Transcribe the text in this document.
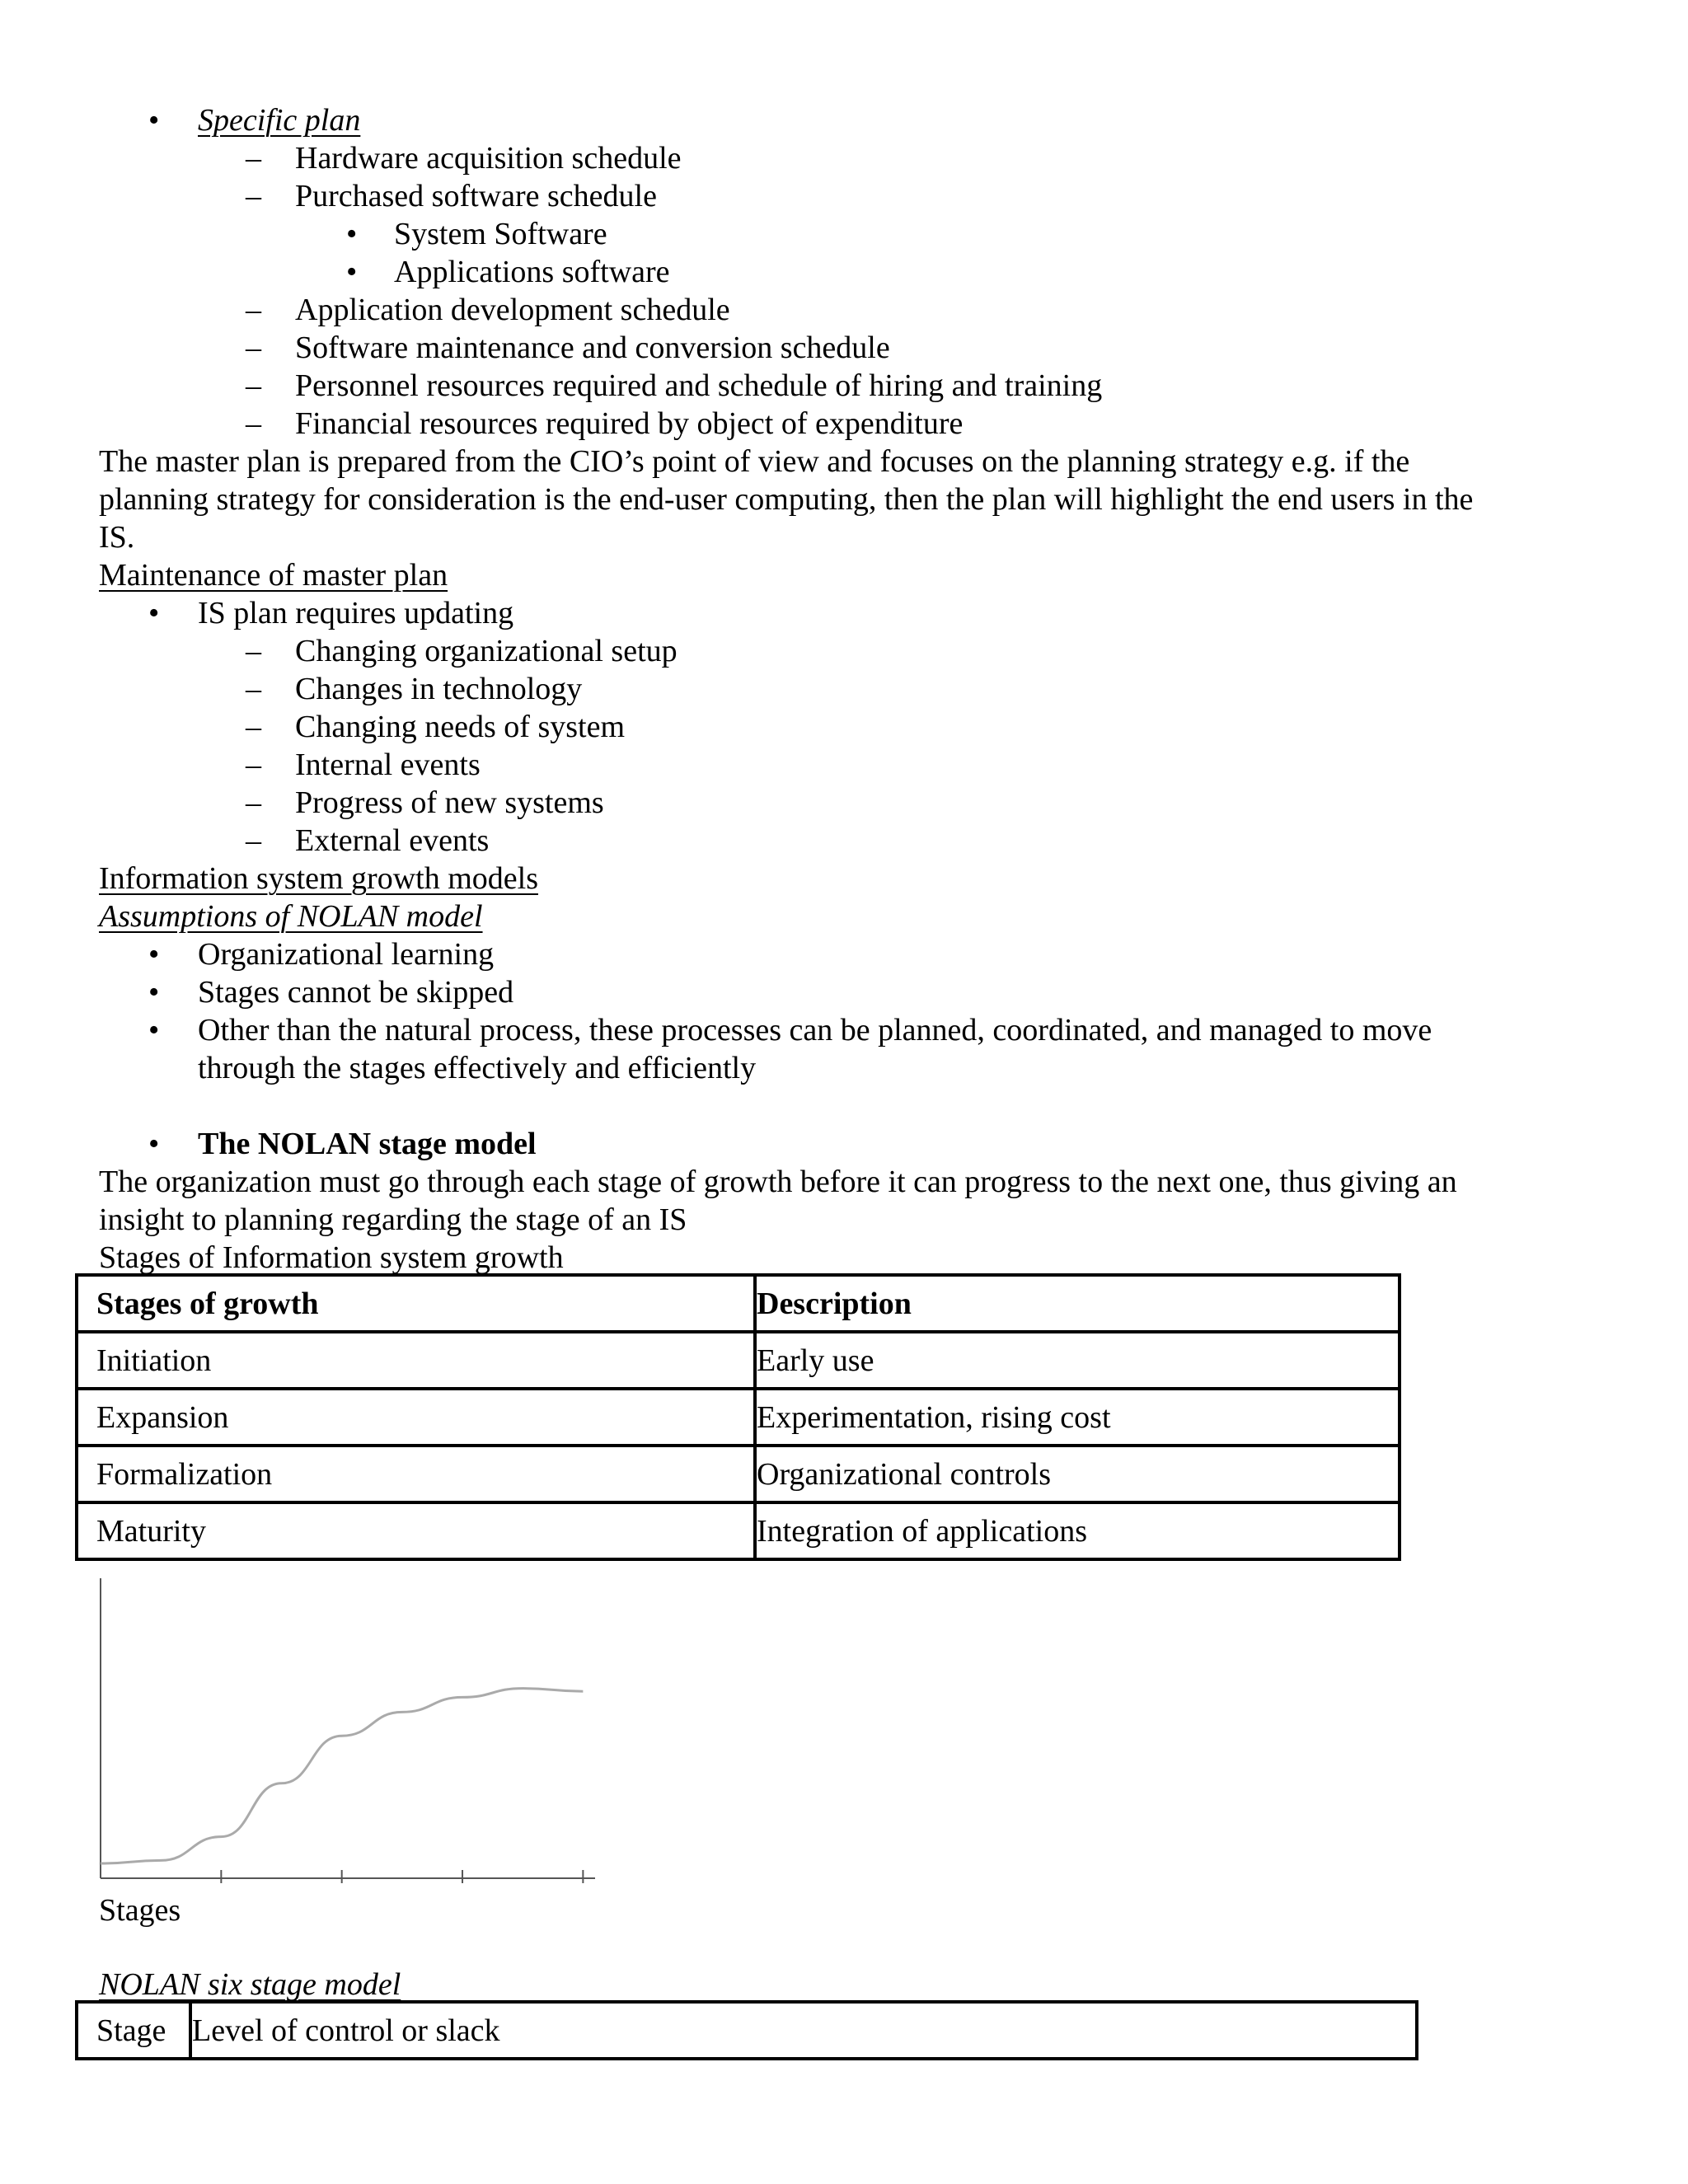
• Specific plan
– Hardware acquisition schedule
– Purchased software schedule
• System Software
• Applications software
– Application development schedule
– Software maintenance and conversion schedule
– Personnel resources required and schedule of hiring and training
– Financial resources required by object of expenditure
The master plan is prepared from the CIO’s point of view and focuses on the planning strategy e.g. if the
planning strategy for consideration is the end-user computing, then the plan will highlight the end users in the
IS.
Maintenance of master plan
• IS plan requires updating
– Changing organizational setup
– Changes in technology
– Changing needs of system
– Internal events
– Progress of new systems
– External events
Information system growth models
Assumptions of NOLAN model
• Organizational learning
• Stages cannot be skipped
• Other than the natural process, these processes can be planned, coordinated, and managed to move
through the stages effectively and efficiently
• The NOLAN stage model
The organization must go through each stage of growth before it can progress to the next one, thus giving an
insight to planning regarding the stage of an IS
Stages of Information system growth
Stages of growth	Description
Initiation	Early use
Expansion	Experimentation, rising cost
Formalization	Organizational controls
Maturity	Integration of applications
Stages
NOLAN six stage model
Stage	Level of control or slack
